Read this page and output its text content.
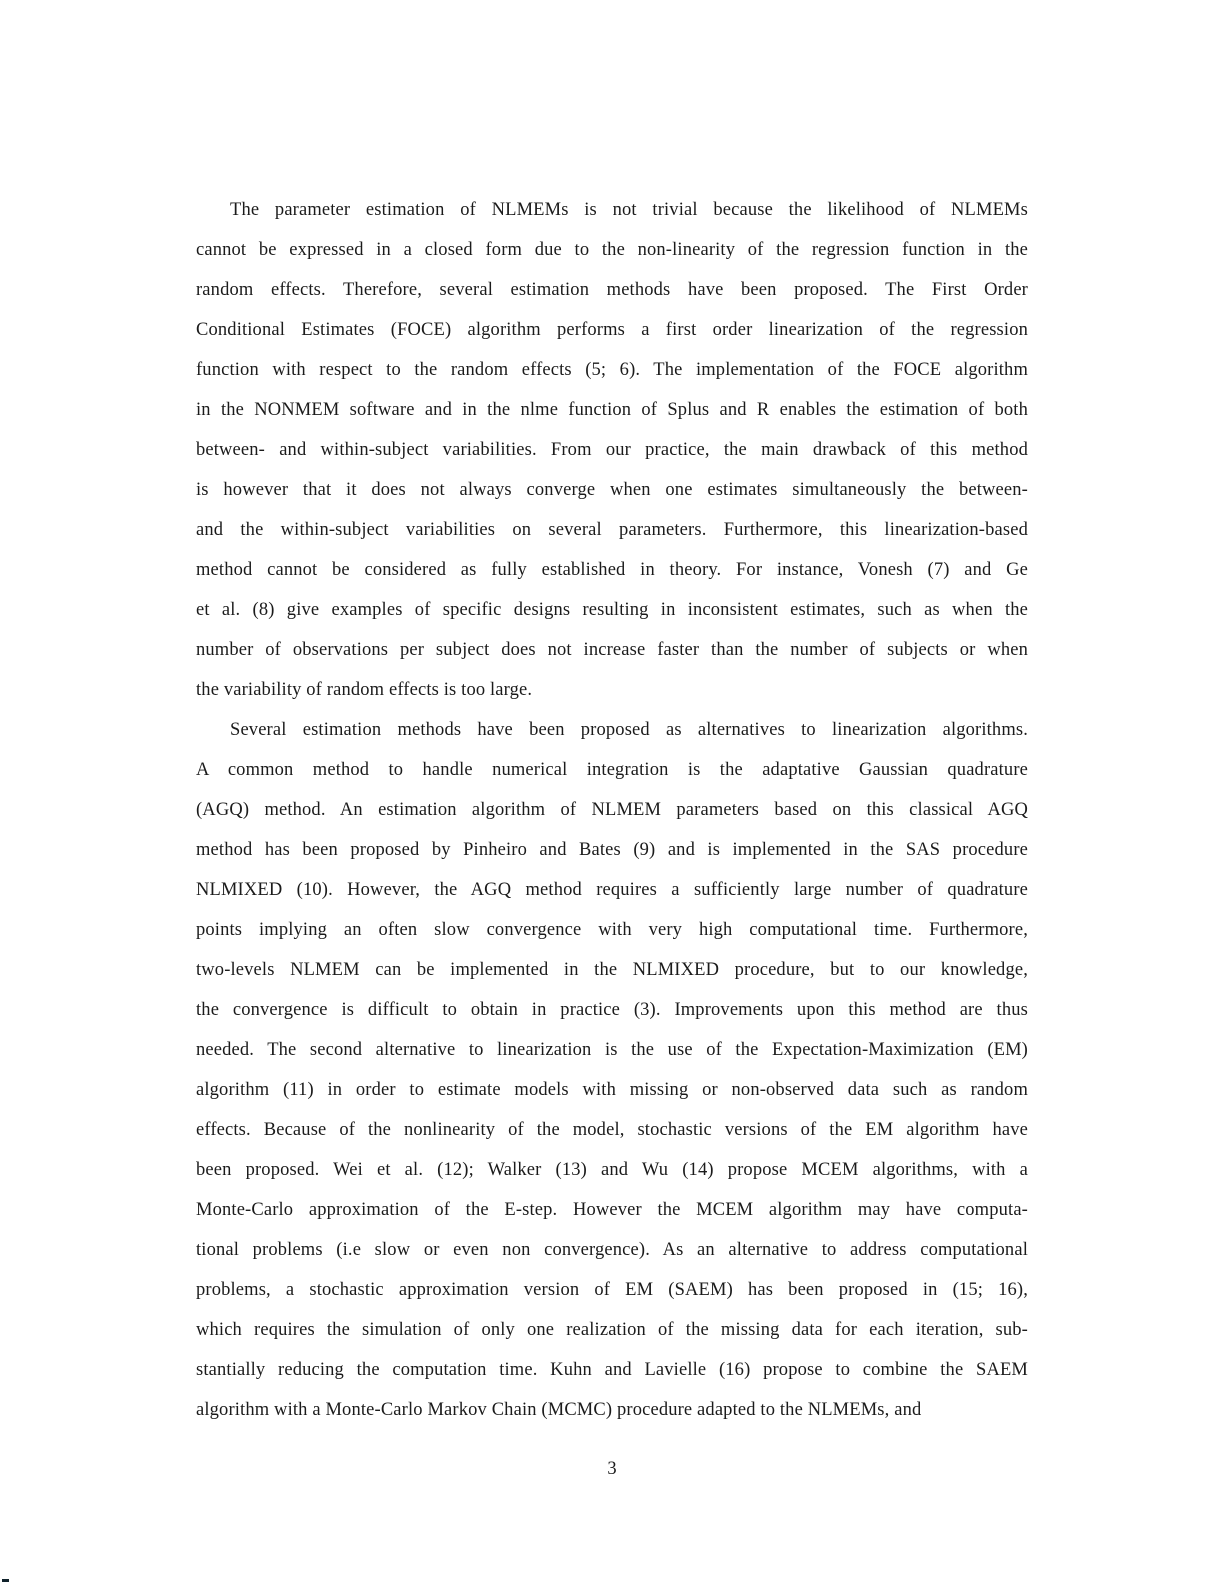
The parameter estimation of NLMEMs is not trivial because the likelihood of NLMEMs
cannot be expressed in a closed form due to the non-linearity of the regression function in the
random effects. Therefore, several estimation methods have been proposed. The First Order
Conditional Estimates (FOCE) algorithm performs a first order linearization of the regression
function with respect to the random effects (5; 6). The implementation of the FOCE algorithm
in the NONMEM software and in the nlme function of Splus and R enables the estimation of both
between- and within-subject variabilities. From our practice, the main drawback of this method
is however that it does not always converge when one estimates simultaneously the between-
and the within-subject variabilities on several parameters. Furthermore, this linearization-based
method cannot be considered as fully established in theory. For instance, Vonesh (7) and Ge
et al. (8) give examples of specific designs resulting in inconsistent estimates, such as when the
number of observations per subject does not increase faster than the number of subjects or when
the variability of random effects is too large.
Several estimation methods have been proposed as alternatives to linearization algorithms.
A common method to handle numerical integration is the adaptative Gaussian quadrature
(AGQ) method. An estimation algorithm of NLMEM parameters based on this classical AGQ
method has been proposed by Pinheiro and Bates (9) and is implemented in the SAS procedure
NLMIXED (10). However, the AGQ method requires a sufficiently large number of quadrature
points implying an often slow convergence with very high computational time. Furthermore,
two-levels NLMEM can be implemented in the NLMIXED procedure, but to our knowledge,
the convergence is difficult to obtain in practice (3). Improvements upon this method are thus
needed. The second alternative to linearization is the use of the Expectation-Maximization (EM)
algorithm (11) in order to estimate models with missing or non-observed data such as random
effects. Because of the nonlinearity of the model, stochastic versions of the EM algorithm have
been proposed. Wei et al. (12); Walker (13) and Wu (14) propose MCEM algorithms, with a
Monte-Carlo approximation of the E-step. However the MCEM algorithm may have computa-
tional problems (i.e slow or even non convergence). As an alternative to address computational
problems, a stochastic approximation version of EM (SAEM) has been proposed in (15; 16),
which requires the simulation of only one realization of the missing data for each iteration, sub-
stantially reducing the computation time. Kuhn and Lavielle (16) propose to combine the SAEM
algorithm with a Monte-Carlo Markov Chain (MCMC) procedure adapted to the NLMEMs, and
3
